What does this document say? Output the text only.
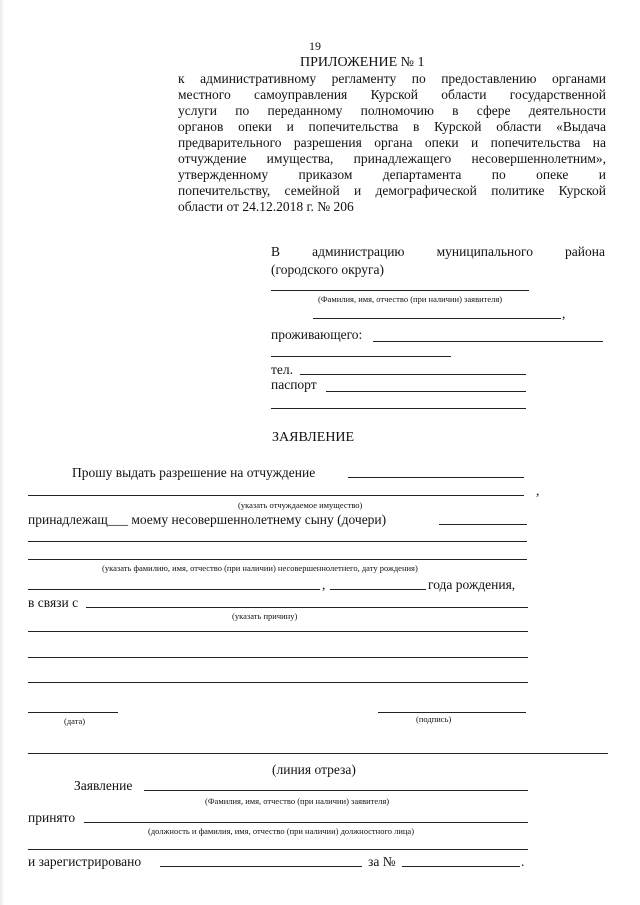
19
ПРИЛОЖЕНИЕ № 1
к административному регламенту по предоставлению органами
местного самоуправления Курской области государственной
услуги по переданному полномочию в сфере деятельности
органов опеки и попечительства в Курской области «Выдача
предварительного разрешения органа опеки и попечительства на
отчуждение имущества, принадлежащего несовершеннолетним»,
утвержденному приказом департамента по опеке и
попечительству, семейной и демографической политике Курской
области от 24.12.2018 г. № 206
В администрацию муниципального района
(городского округа)
(Фамилия, имя, отчество (при наличии) заявителя)
,
проживающего:
тел.
паспорт
ЗАЯВЛЕНИЕ
Прошу выдать разрешение на отчуждение
,
(указать отчуждаемое имущество)
принадлежащ___ моему несовершеннолетнему сыну (дочери)
(указать фамилию, имя, отчество (при наличии) несовершеннолетнего, дату рождения)
,	года рождения,
в связи с
(указать причину)
(дата)	(подпись)
(линия отреза)
Заявление
(Фамилия, имя, отчество (при наличии) заявителя)
принято
(должность и фамилия, имя, отчество (при наличии) должностного лица)
и зарегистрировано	за №	.
